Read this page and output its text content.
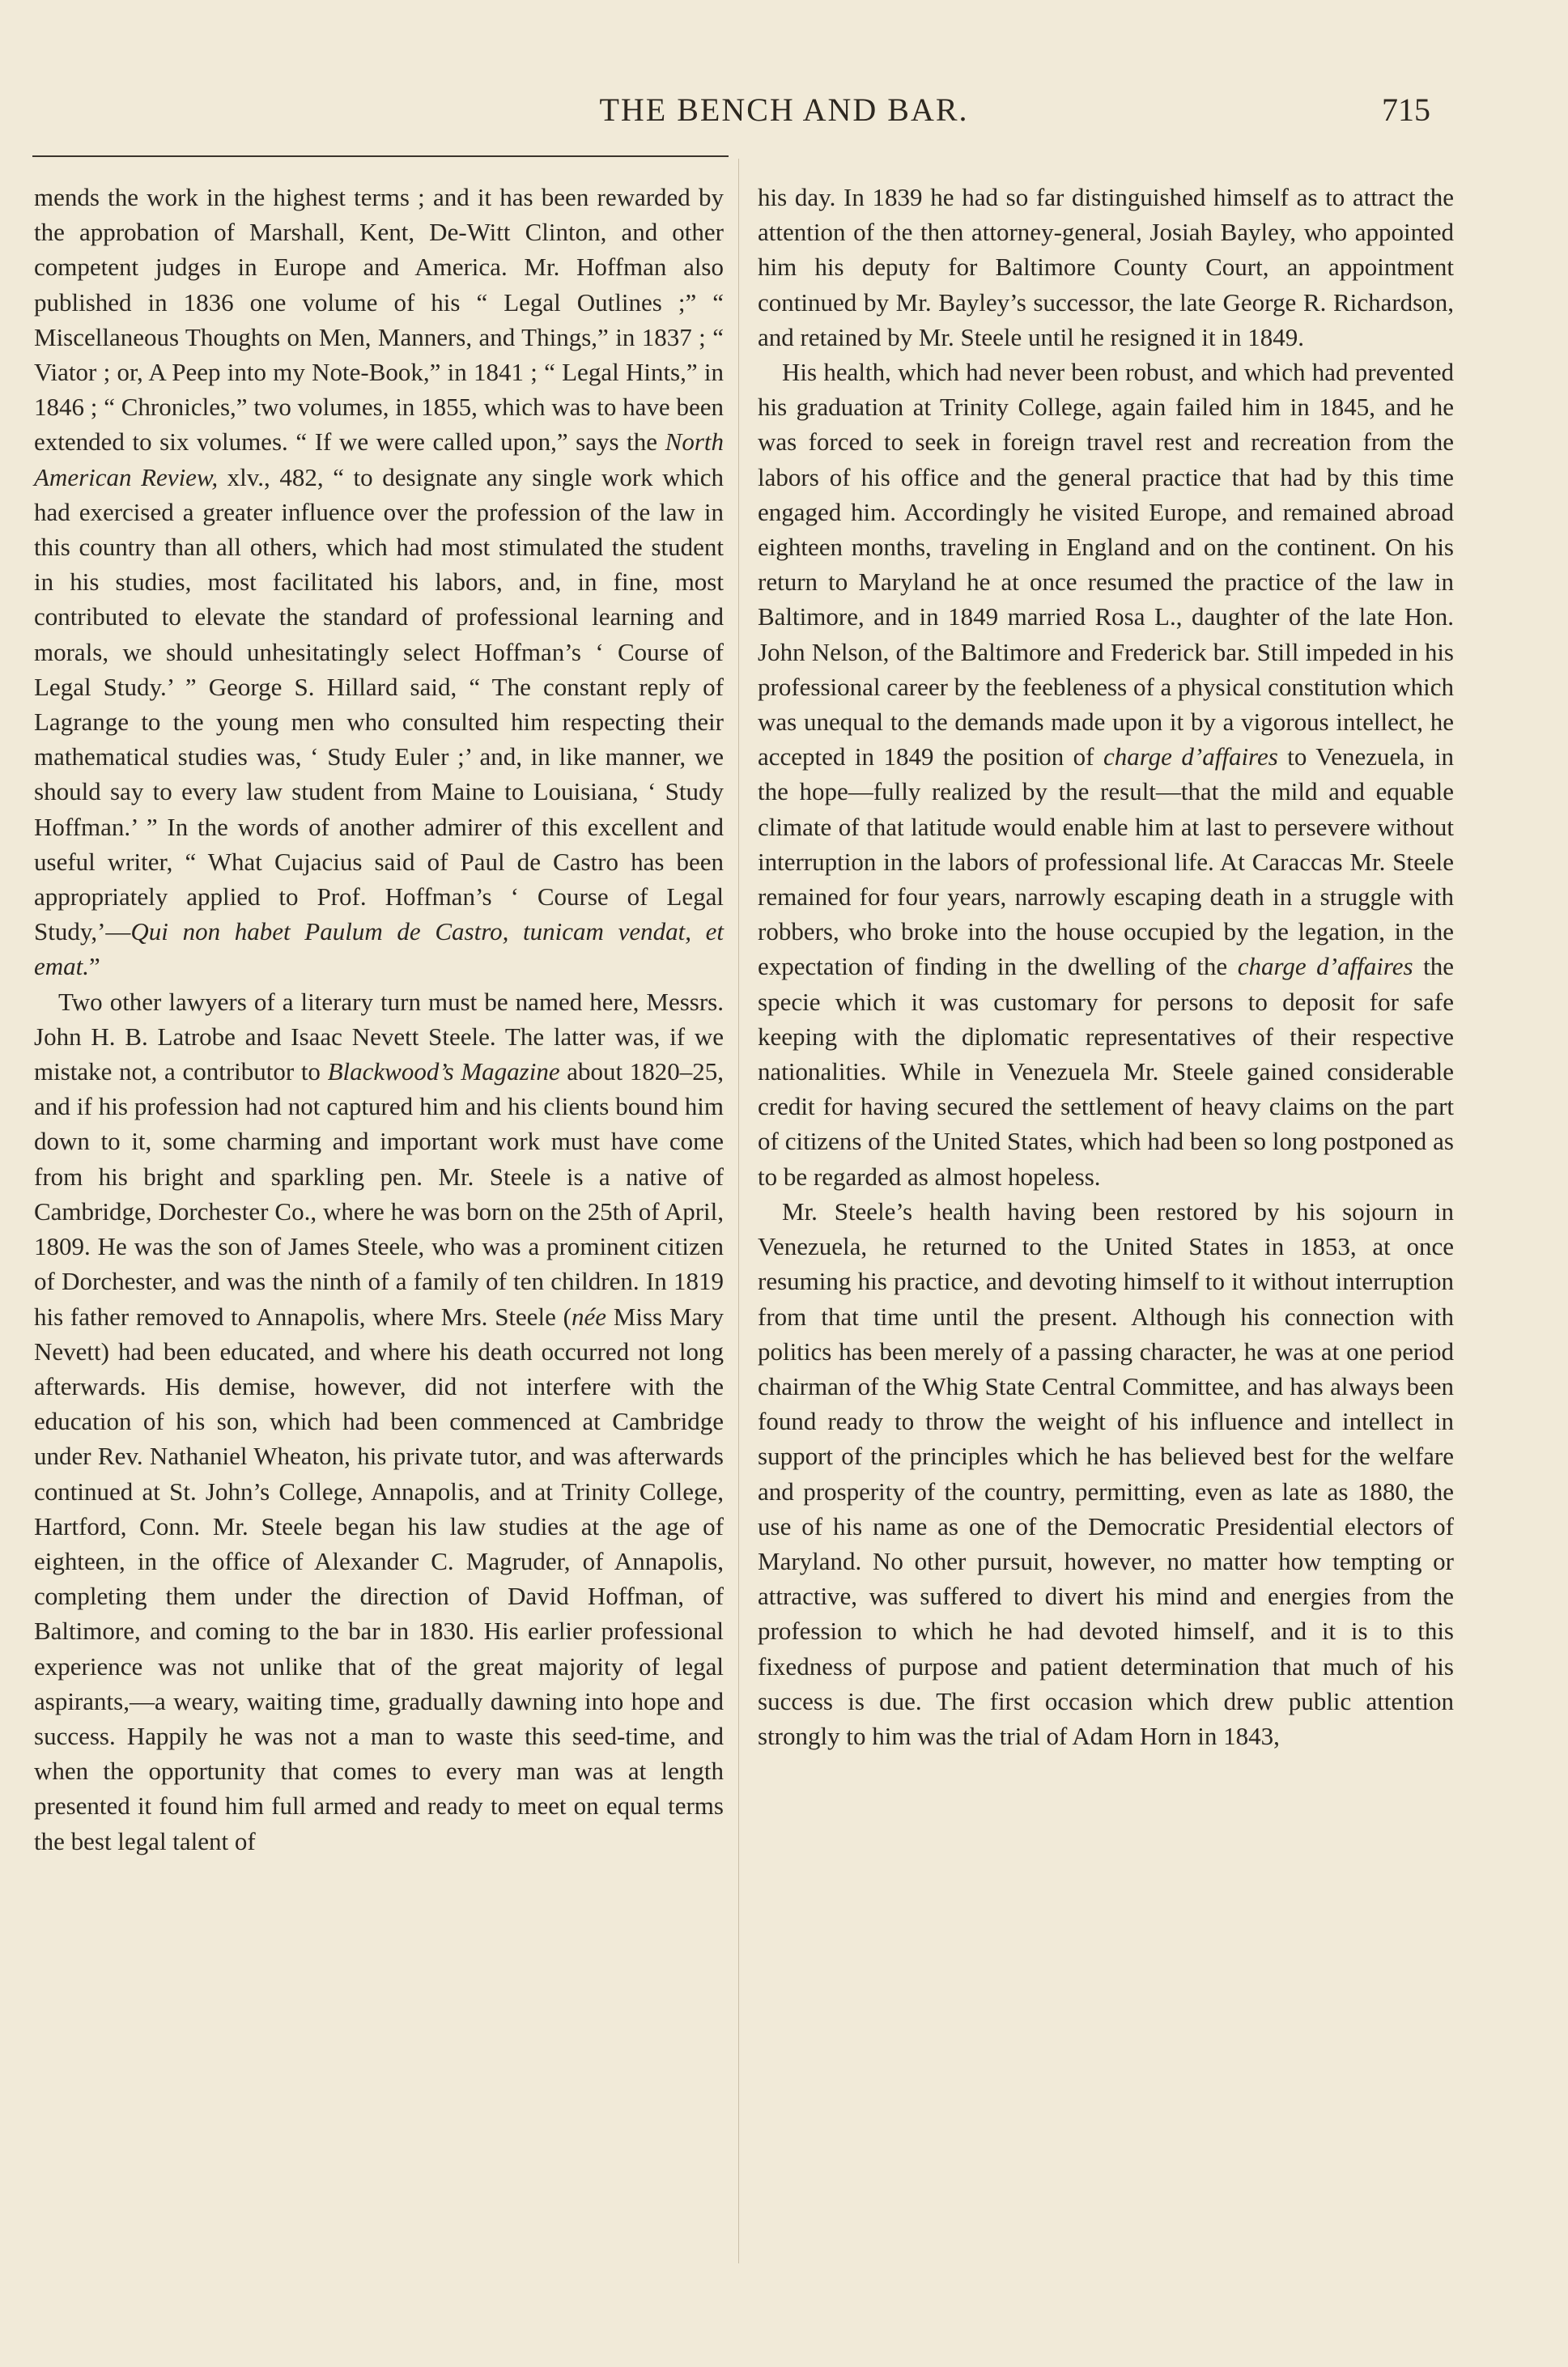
THE BENCH AND BAR.	715

mends the work in the highest terms ; and it has been rewarded by the approbation of Marshall, Kent, De-Witt Clinton, and other competent judges in Europe and America. Mr. Hoffman also published in 1836 one volume of his “ Legal Outlines ;” “ Miscellaneous Thoughts on Men, Manners, and Things,” in 1837 ; “ Viator ; or, A Peep into my Note-Book,” in 1841 ; “ Legal Hints,” in 1846 ; “ Chronicles,” two volumes, in 1855, which was to have been extended to six volumes. “ If we were called upon,” says the North American Review, xlv., 482, “ to designate any single work which had exercised a greater influence over the profession of the law in this country than all others, which had most stimulated the student in his studies, most facilitated his labors, and, in fine, most contributed to elevate the standard of professional learning and morals, we should unhesitatingly select Hoffman’s ‘ Course of Legal Study.’ ” George S. Hillard said, “ The constant reply of Lagrange to the young men who consulted him respecting their mathematical studies was, ‘ Study Euler ;’ and, in like manner, we should say to every law student from Maine to Louisiana, ‘ Study Hoffman.’ ” In the words of another admirer of this excellent and useful writer, “ What Cujacius said of Paul de Castro has been appropriately applied to Prof. Hoffman’s ‘ Course of Legal Study,’—Qui non habet Paulum de Castro, tunicam vendat, et emat.”

Two other lawyers of a literary turn must be named here, Messrs. John H. B. Latrobe and Isaac Nevett Steele. The latter was, if we mistake not, a contributor to Blackwood’s Magazine about 1820–25, and if his profession had not captured him and his clients bound him down to it, some charming and important work must have come from his bright and sparkling pen. Mr. Steele is a native of Cambridge, Dorchester Co., where he was born on the 25th of April, 1809. He was the son of James Steele, who was a prominent citizen of Dorchester, and was the ninth of a family of ten children. In 1819 his father removed to Annapolis, where Mrs. Steele (née Miss Mary Nevett) had been educated, and where his death occurred not long afterwards. His demise, however, did not interfere with the education of his son, which had been commenced at Cambridge under Rev. Nathaniel Wheaton, his private tutor, and was afterwards continued at St. John’s College, Annapolis, and at Trinity College, Hartford, Conn. Mr. Steele began his law studies at the age of eighteen, in the office of Alexander C. Magruder, of Annapolis, completing them under the direction of David Hoffman, of Baltimore, and coming to the bar in 1830. His earlier professional experience was not unlike that of the great majority of legal aspirants,—a weary, waiting time, gradually dawning into hope and success. Happily he was not a man to waste this seed-time, and when the opportunity that comes to every man was at length presented it found him full armed and ready to meet on equal terms the best legal talent of

his day. In 1839 he had so far distinguished himself as to attract the attention of the then attorney-general, Josiah Bayley, who appointed him his deputy for Baltimore County Court, an appointment continued by Mr. Bayley’s successor, the late George R. Richardson, and retained by Mr. Steele until he resigned it in 1849.

His health, which had never been robust, and which had prevented his graduation at Trinity College, again failed him in 1845, and he was forced to seek in foreign travel rest and recreation from the labors of his office and the general practice that had by this time engaged him. Accordingly he visited Europe, and remained abroad eighteen months, traveling in England and on the continent. On his return to Maryland he at once resumed the practice of the law in Baltimore, and in 1849 married Rosa L., daughter of the late Hon. John Nelson, of the Baltimore and Frederick bar. Still impeded in his professional career by the feebleness of a physical constitution which was unequal to the demands made upon it by a vigorous intellect, he accepted in 1849 the position of charge d’affaires to Venezuela, in the hope—fully realized by the result—that the mild and equable climate of that latitude would enable him at last to persevere without interruption in the labors of professional life. At Caraccas Mr. Steele remained for four years, narrowly escaping death in a struggle with robbers, who broke into the house occupied by the legation, in the expectation of finding in the dwelling of the charge d’affaires the specie which it was customary for persons to deposit for safe keeping with the diplomatic representatives of their respective nationalities. While in Venezuela Mr. Steele gained considerable credit for having secured the settlement of heavy claims on the part of citizens of the United States, which had been so long postponed as to be regarded as almost hopeless.

Mr. Steele’s health having been restored by his sojourn in Venezuela, he returned to the United States in 1853, at once resuming his practice, and devoting himself to it without interruption from that time until the present. Although his connection with politics has been merely of a passing character, he was at one period chairman of the Whig State Central Committee, and has always been found ready to throw the weight of his influence and intellect in support of the principles which he has believed best for the welfare and prosperity of the country, permitting, even as late as 1880, the use of his name as one of the Democratic Presidential electors of Maryland. No other pursuit, however, no matter how tempting or attractive, was suffered to divert his mind and energies from the profession to which he had devoted himself, and it is to this fixedness of purpose and patient determination that much of his success is due. The first occasion which drew public attention strongly to him was the trial of Adam Horn in 1843,
